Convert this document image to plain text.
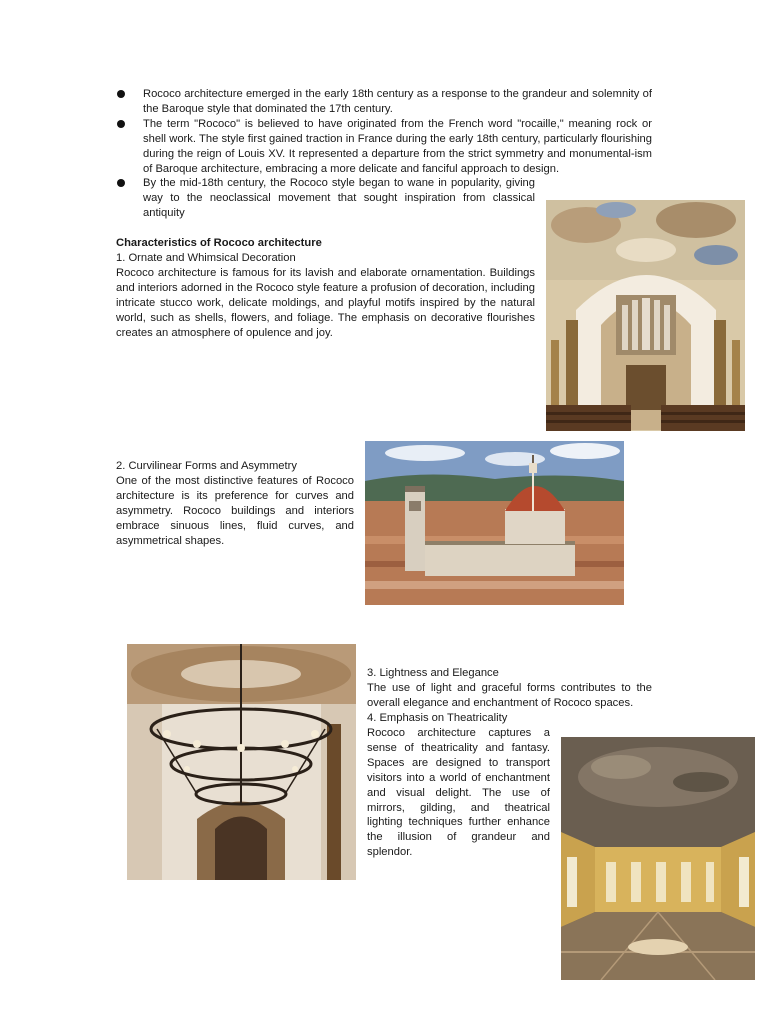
Rococo architecture emerged in the early 18th century as a response to the grandeur and solemnity of the Baroque style that dominated the 17th century.
The term "Rococo" is believed to have originated from the French word "rocaille," meaning rock or shell work. The style first gained traction in France during the early 18th century, particularly flourishing during the reign of Louis XV. It represented a departure from the strict symmetry and monumental-ism of Baroque architecture, embracing a more delicate and fanciful approach to design.
By the mid-18th century, the Rococo style began to wane in popularity, giving way to the neoclassical movement that sought inspiration from classical antiquity
Characteristics of Rococo architecture
1. Ornate and Whimsical Decoration
Rococo architecture is famous for its lavish and elaborate ornamentation. Buildings and interiors adorned in the Rococo style feature a profusion of decoration, including intricate stucco work, delicate moldings, and playful motifs inspired by the natural world, such as shells, flowers, and foliage. The emphasis on decorative flourishes creates an atmosphere of opulence and joy.
2. Curvilinear Forms and Asymmetry
One of the most distinctive features of Rococo architecture is its preference for curves and asymmetry. Rococo buildings and interiors embrace sinuous lines, fluid curves, and asymmetrical shapes.
3. Lightness and Elegance
The use of light and graceful forms contributes to the overall elegance and enchantment of Rococo spaces.
4. Emphasis on Theatricality
Rococo architecture captures a sense of theatricality and fantasy. Spaces are designed to transport visitors into a world of enchantment and visual delight. The use of mirrors, gilding, and theatrical lighting techniques further enhance the illusion of grandeur and splendor.
